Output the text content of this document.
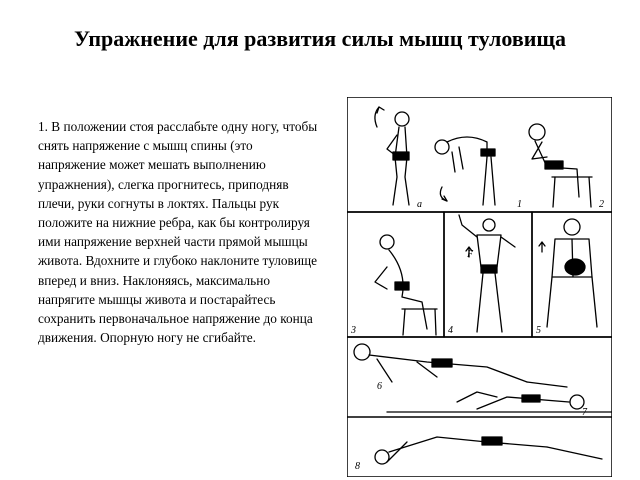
Упражнение для развития силы мышц туловища

1. В положении стоя расслабьте одну ногу, чтобы снять напряжение с мышц спины (это напряжение может мешать выполнению упражнения), слегка прогнитесь, приподняв плечи, руки согнуты в локтях. Пальцы рук положите на нижние ребра, как бы контролируя ими напряжение верхней части прямой мышцы живота. Вдохните и глубоко наклоните туловище вперед и вниз. Наклоняясь, максимально напрягите мышцы живота и постарайтесь сохранить первоначальное напряжение до конца движения. Опорную ногу не сгибайте.

а	1	2
3	4	5
6
7
8
F
